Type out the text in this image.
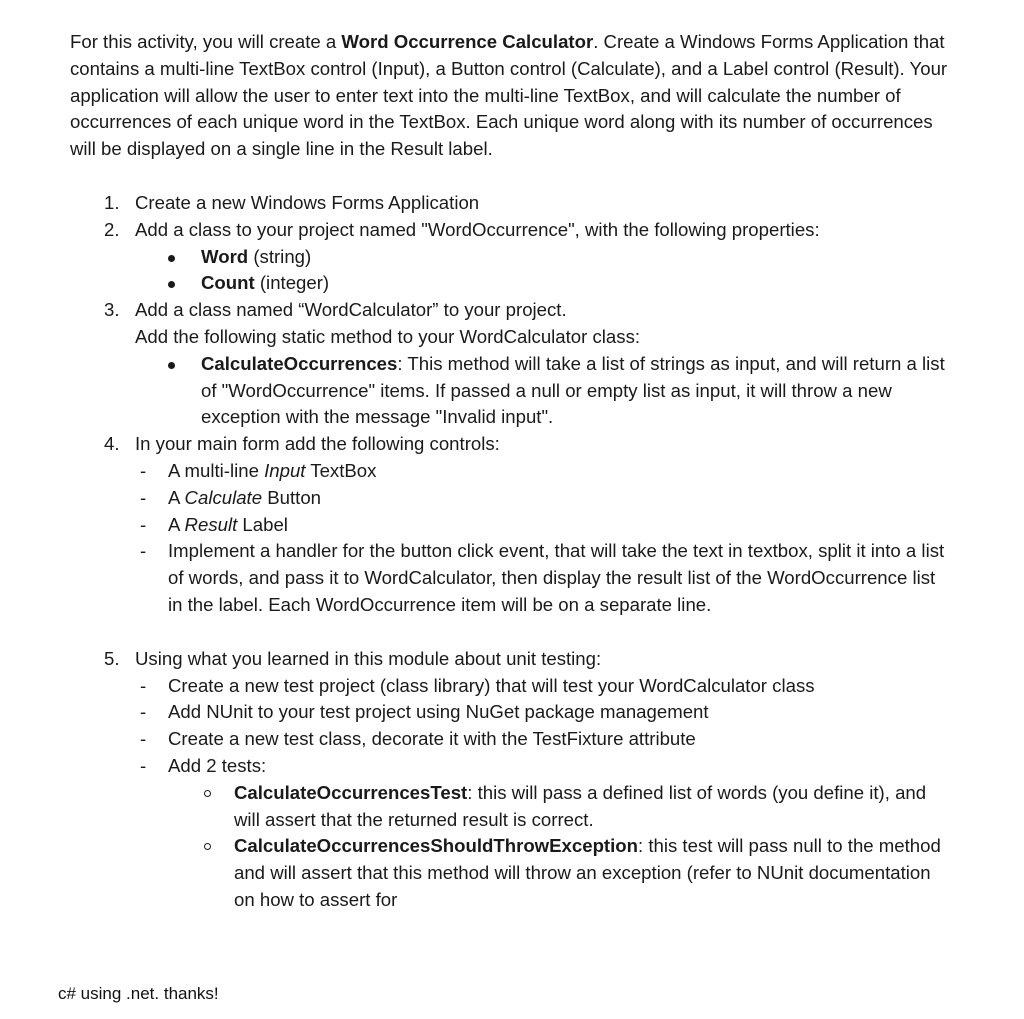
For this activity, you will create a Word Occurrence Calculator. Create a Windows Forms Application that contains a multi-line TextBox control (Input), a Button control (Calculate), and a Label control (Result). Your application will allow the user to enter text into the multi-line TextBox, and will calculate the number of occurrences of each unique word in the TextBox. Each unique word along with its number of occurrences will be displayed on a single line in the Result label.

1. Create a new Windows Forms Application
2. Add a class to your project named "WordOccurrence", with the following properties:
Word (string)
Count (integer)
3. Add a class named “WordCalculator” to your project.
Add the following static method to your WordCalculator class:
CalculateOccurrences: This method will take a list of strings as input, and will return a list of "WordOccurrence" items. If passed a null or empty list as input, it will throw a new exception with the message "Invalid input".
4. In your main form add the following controls:
- A multi-line Input TextBox
- A Calculate Button
- A Result Label
- Implement a handler for the button click event, that will take the text in textbox, split it into a list of words, and pass it to WordCalculator, then display the result list of the WordOccurrence list in the label. Each WordOccurrence item will be on a separate line.
5. Using what you learned in this module about unit testing:
- Create a new test project (class library) that will test your WordCalculator class
- Add NUnit to your test project using NuGet package management
- Create a new test class, decorate it with the TestFixture attribute
- Add 2 tests:
CalculateOccurrencesTest: this will pass a defined list of words (you define it), and will assert that the returned result is correct.
CalculateOccurrencesShouldThrowException: this test will pass null to the method and will assert that this method will throw an exception (refer to NUnit documentation on how to assert for
c# using .net. thanks!
